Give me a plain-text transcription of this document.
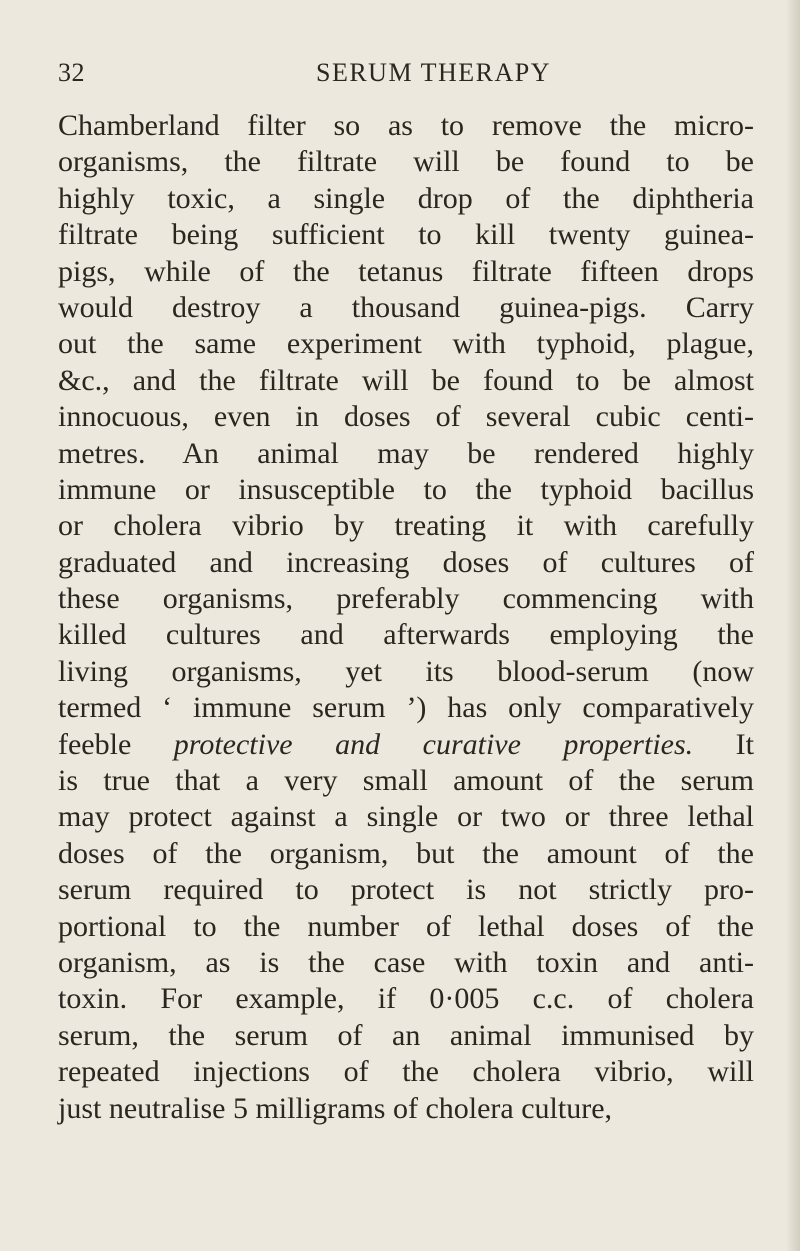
32	SERUM THERAPY
Chamberland filter so as to remove the micro-
organisms, the filtrate will be found to be
highly toxic, a single drop of the diphtheria
filtrate being sufficient to kill twenty guinea-
pigs, while of the tetanus filtrate fifteen drops
would destroy a thousand guinea-pigs. Carry
out the same experiment with typhoid, plague,
&c., and the filtrate will be found to be almost
innocuous, even in doses of several cubic centi-
metres. An animal may be rendered highly
immune or insusceptible to the typhoid bacillus
or cholera vibrio by treating it with carefully
graduated and increasing doses of cultures of
these organisms, preferably commencing with
killed cultures and afterwards employing the
living organisms, yet its blood-serum (now
termed ‘ immune serum ’) has only comparatively
feeble protective and curative properties. It
is true that a very small amount of the serum
may protect against a single or two or three lethal
doses of the organism, but the amount of the
serum required to protect is not strictly pro-
portional to the number of lethal doses of the
organism, as is the case with toxin and anti-
toxin. For example, if 0·005 c.c. of cholera
serum, the serum of an animal immunised by
repeated injections of the cholera vibrio, will
just neutralise 5 milligrams of cholera culture,
